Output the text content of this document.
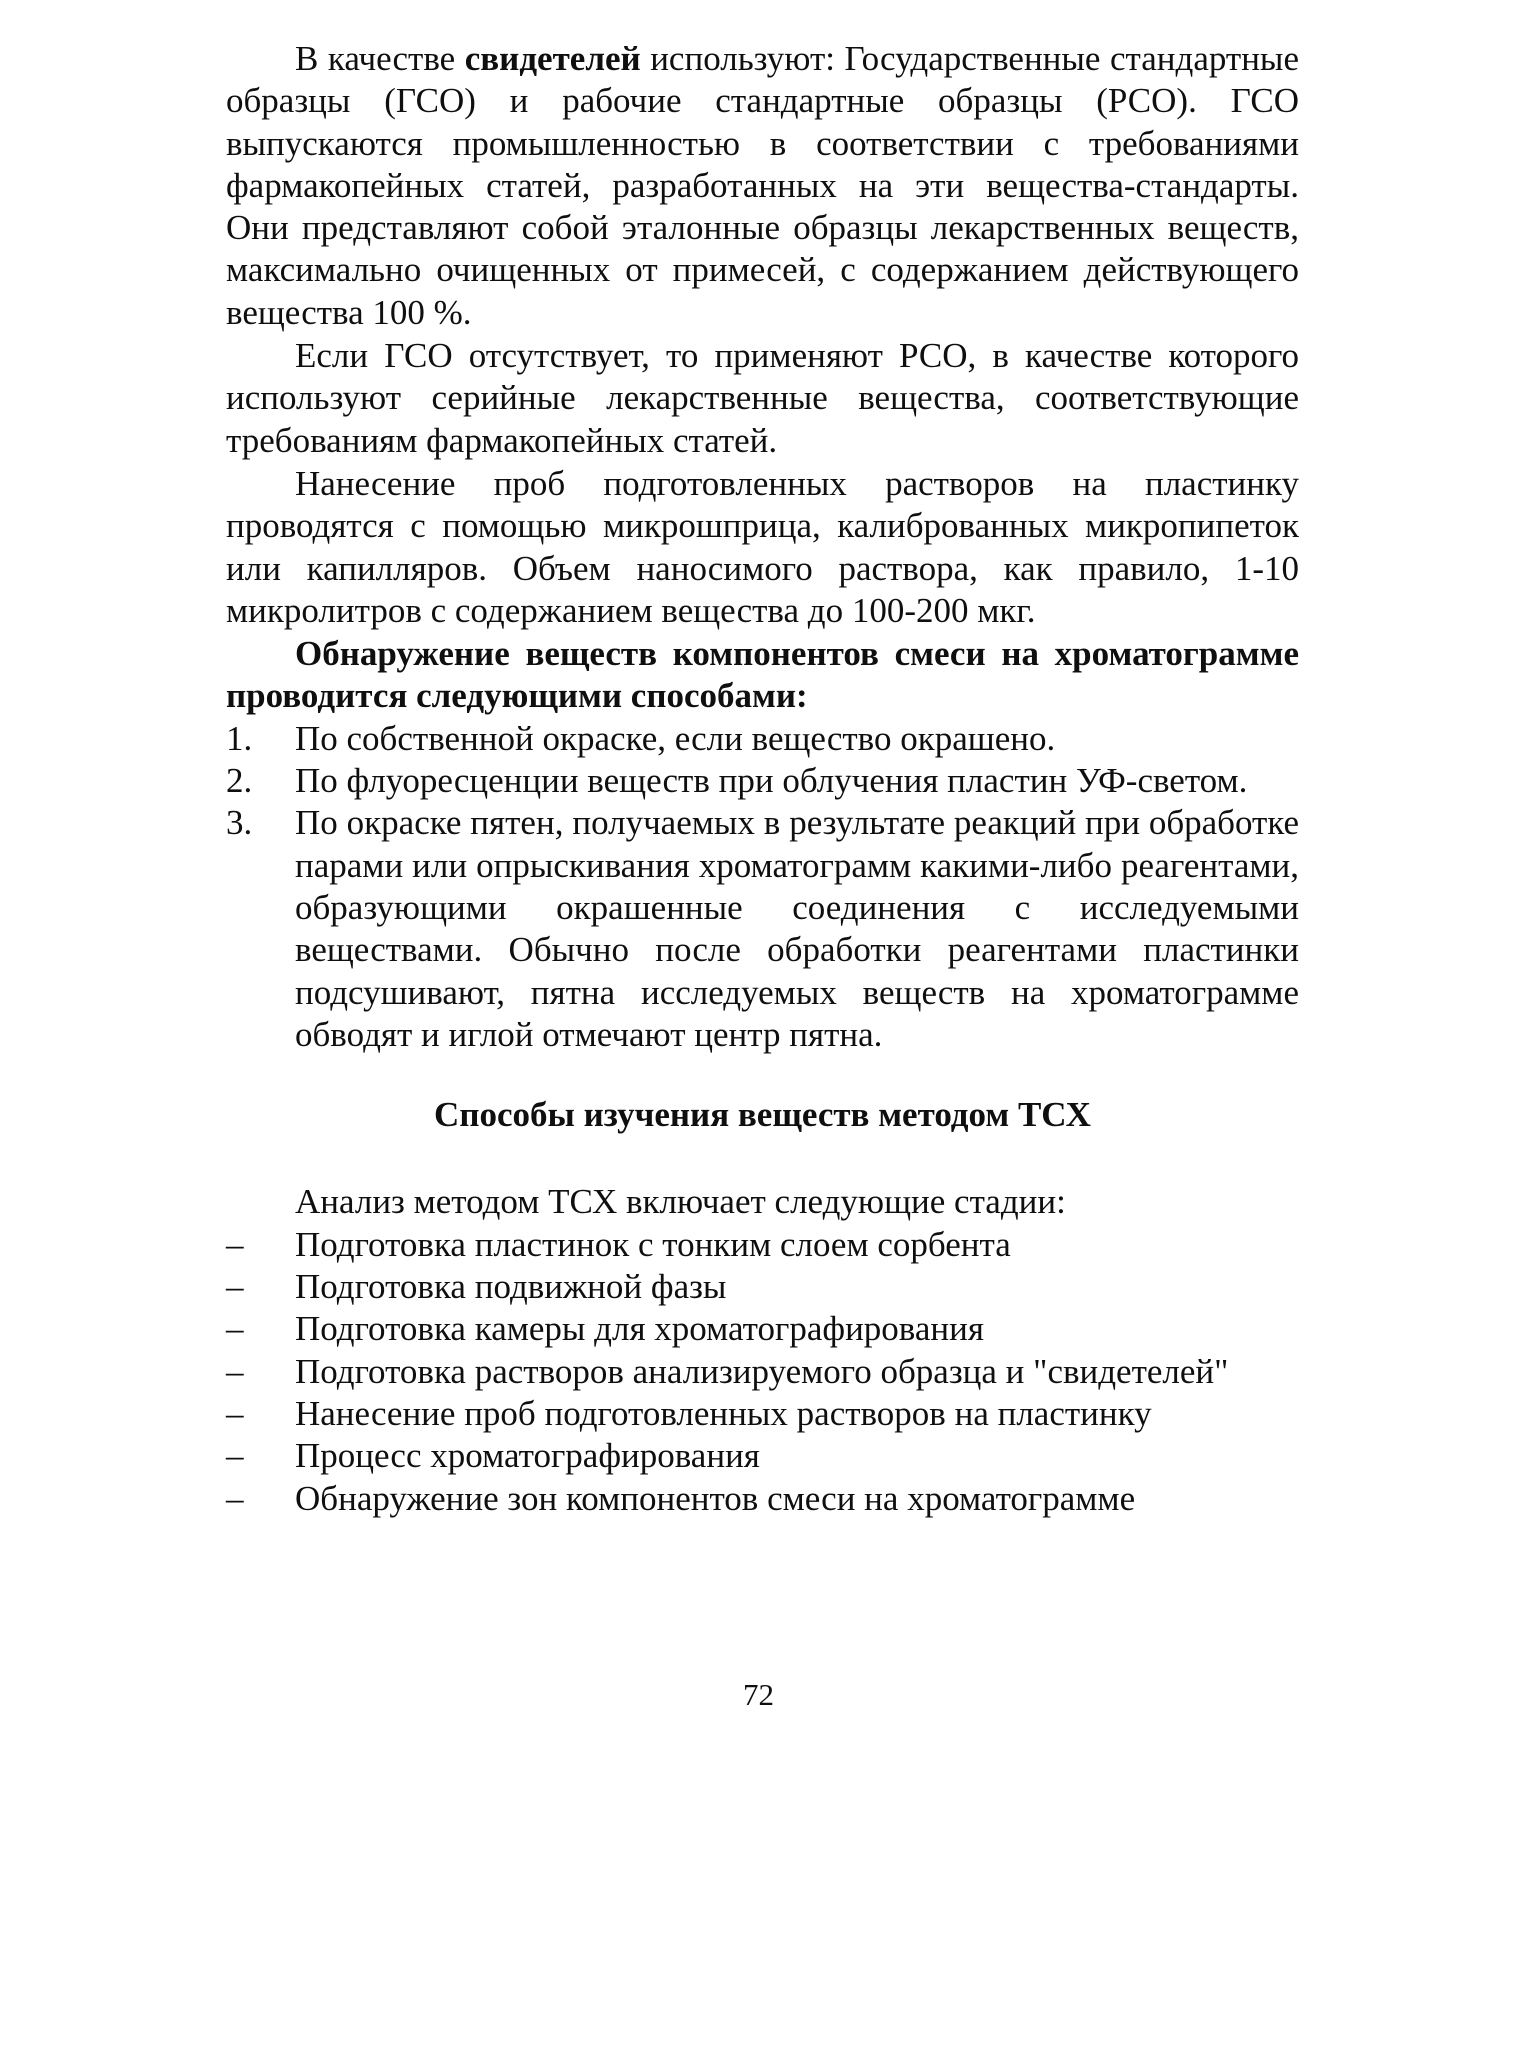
В качестве свидетелей используют: Государственные стандартные образцы (ГСО) и рабочие стандартные образцы (РСО). ГСО выпускаются промышленностью в соответствии с требованиями фармакопейных статей, разработанных на эти вещества-стандарты. Они представляют собой эталонные образцы лекарственных веществ, максимально очищенных от примесей, с содержанием действующего вещества 100 %.

Если ГСО отсутствует, то применяют РСО, в качестве которого используют серийные лекарственные вещества, соответствующие требованиям фармакопейных статей.

Нанесение проб подготовленных растворов на пластинку проводятся с помощью микрошприца, калиброванных микропипеток или капилляров. Объем наносимого раствора, как правило, 1-10 микролитров с содержанием вещества до 100-200 мкг.

Обнаружение веществ компонентов смеси на хроматограмме проводится следующими способами:

1. По собственной окраске, если вещество окрашено.
2. По флуоресценции веществ при облучения пластин УФ-светом.
3. По окраске пятен, получаемых в результате реакций при обработке парами или опрыскивания хроматограмм какими-либо реагентами, образующими окрашенные соединения с исследуемыми веществами. Обычно после обработки реагентами пластинки подсушивают, пятна исследуемых веществ на хроматограмме обводят и иглой отмечают центр пятна.
Способы изучения веществ методом ТСХ

Анализ методом ТСХ включает следующие стадии:

– Подготовка пластинок с тонким слоем сорбента
– Подготовка подвижной фазы
– Подготовка камеры для хроматографирования
– Подготовка растворов анализируемого образца и "свидетелей"
– Нанесение проб подготовленных растворов на пластинку
– Процесс хроматографирования
– Обнаружение зон компонентов смеси на хроматограмме
72
